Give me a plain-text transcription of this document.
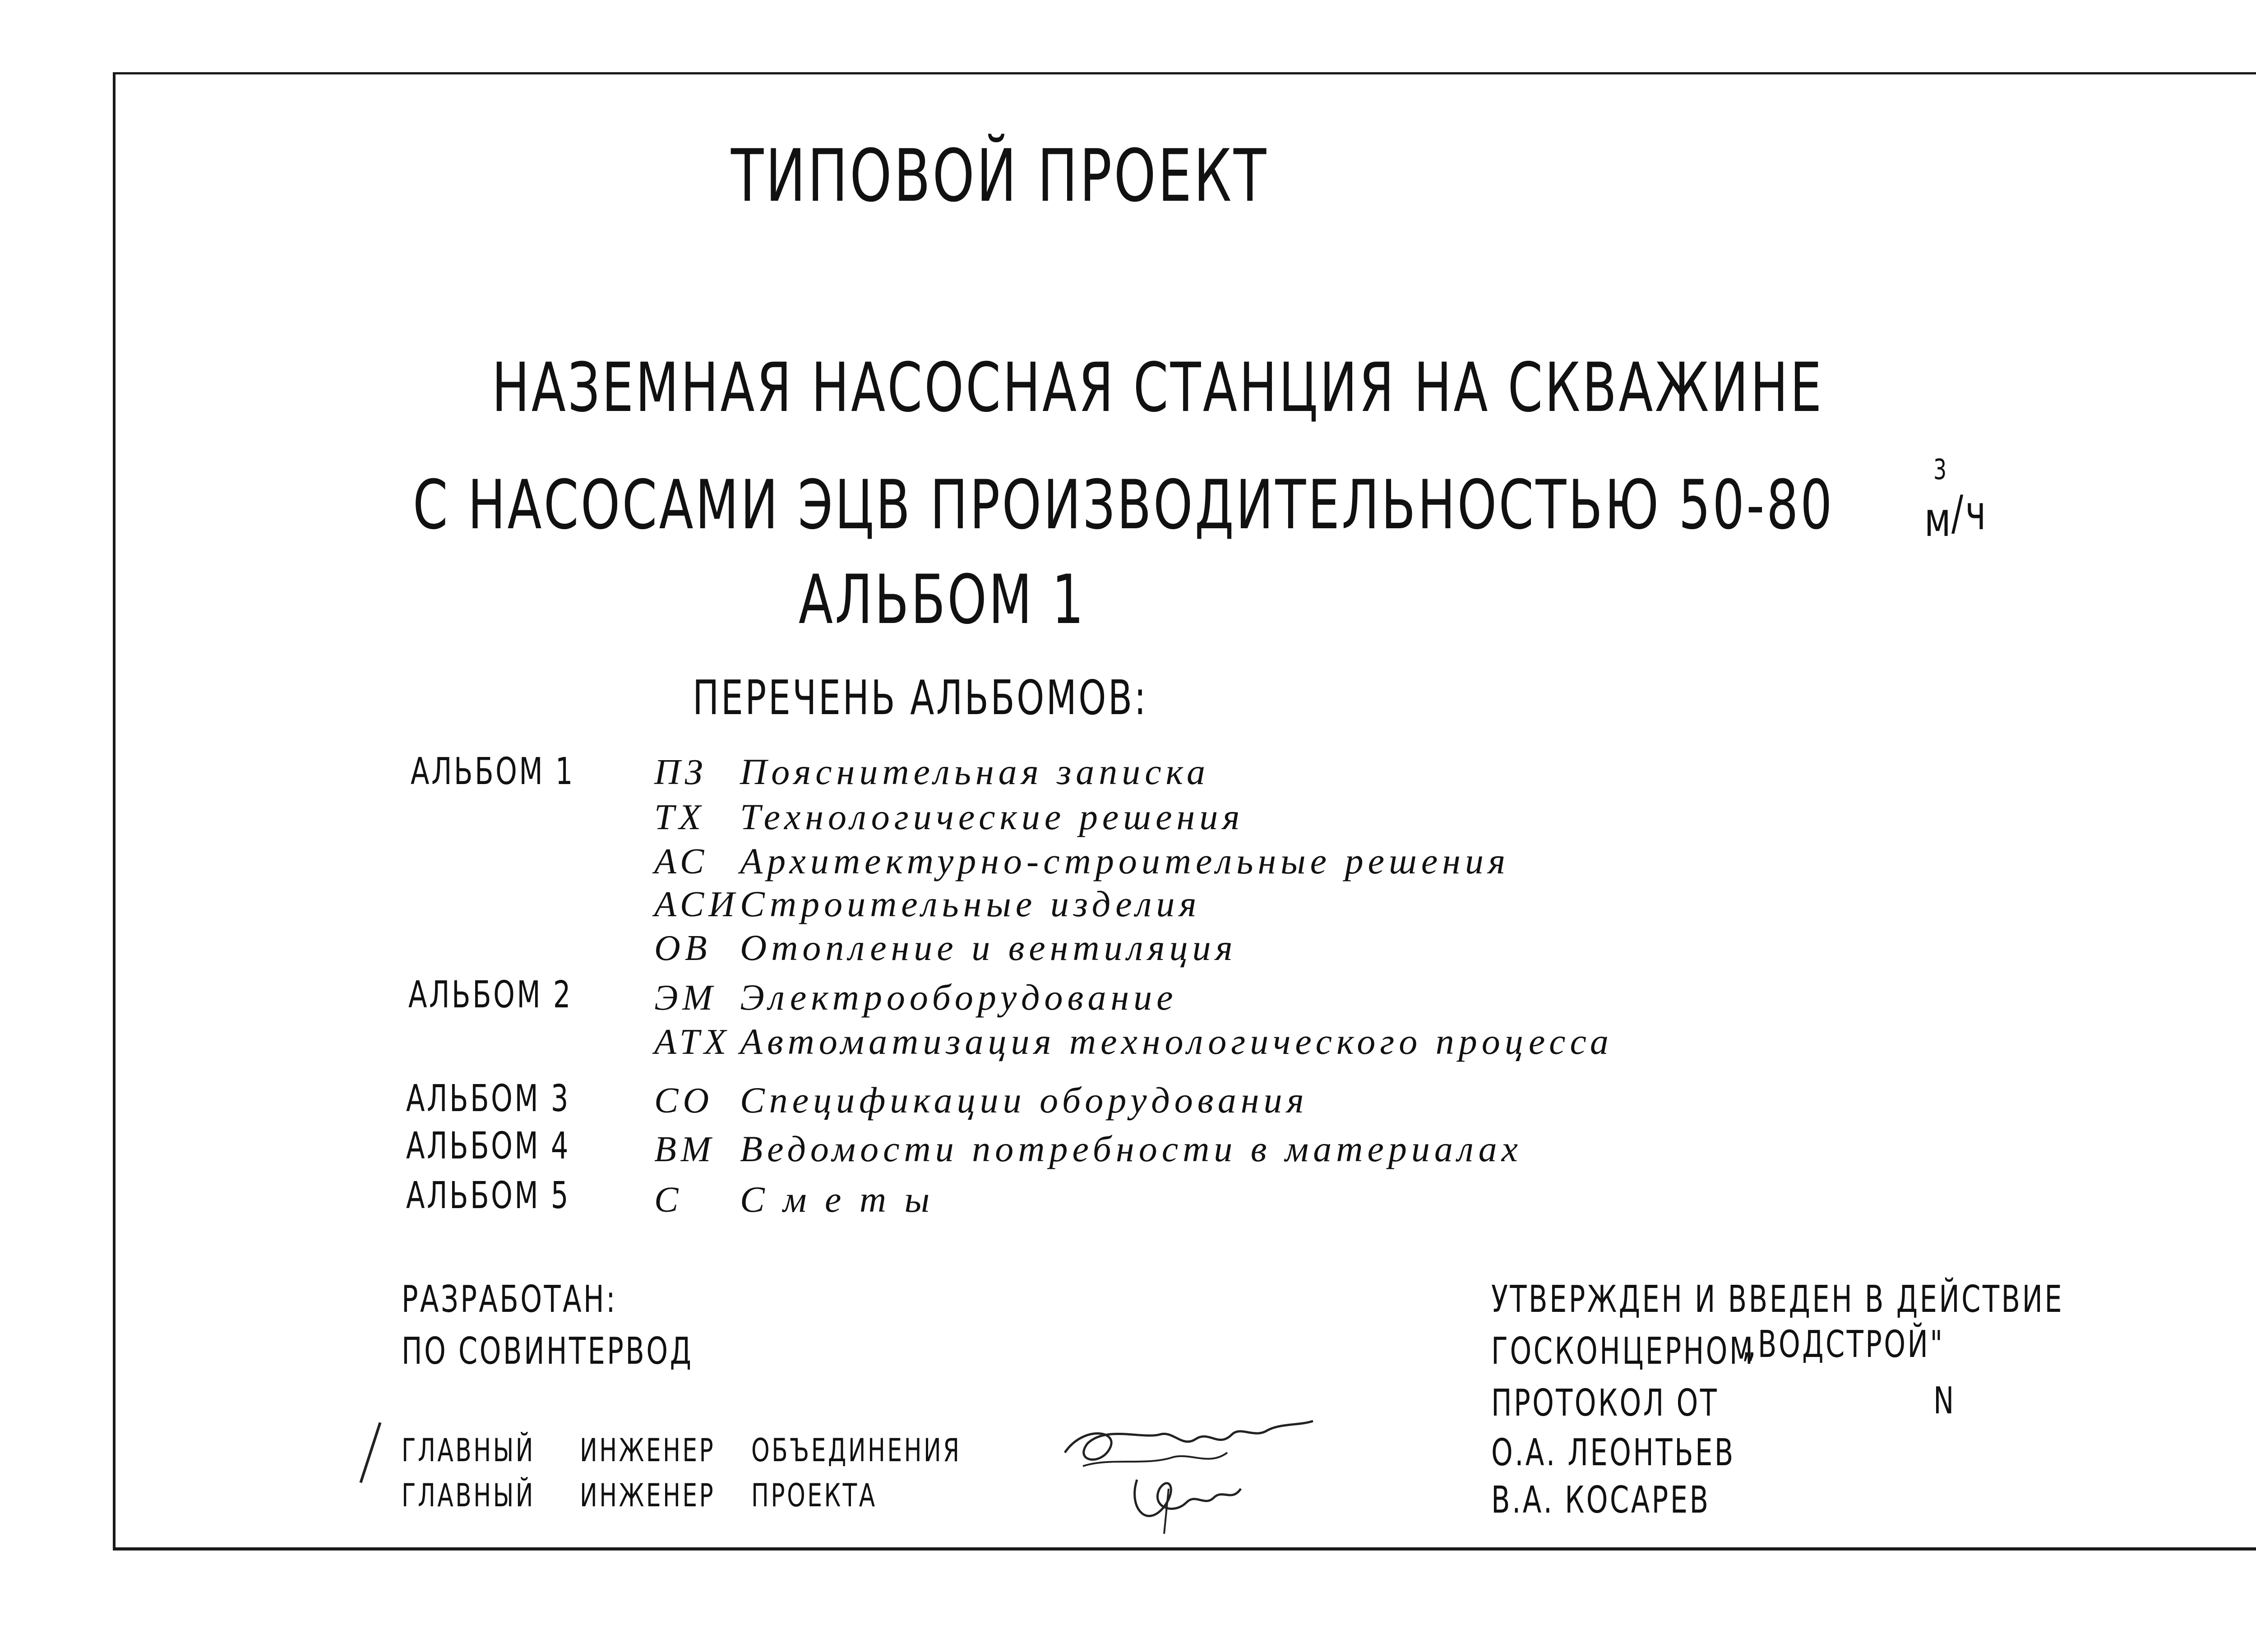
ТИПОВОЙ ПРОЕКТ
НАЗЕМНАЯ НАСОСНАЯ СТАНЦИЯ НА СКВАЖИНЕ
С НАСОСАМИ ЭЦВ ПРОИЗВОДИТЕЛЬНОСТЬЮ 50-80	3
м
/ч
АЛЬБОМ 1
ПЕРЕЧЕНЬ АЛЬБОМОВ:
АЛЬБОМ 1 ПЗ Пояснительная записка
ТХ Технологические решения
АС Архитектурно-строительные решения
АСИ Строительные изделия
ОВ Отопление и вентиляция
АЛЬБОМ 2 ЭМ Электрооборудование
АТХ Автоматизация технологического процесса
АЛЬБОМ 3 СО Спецификации оборудования
АЛЬБОМ 4 ВМ Ведомости потребности в материалах
АЛЬБОМ 5 С С м е т ы
РАЗРАБОТАН:
ПО СОВИНТЕРВОД
ГЛАВНЫЙ ИНЖЕНЕР ОБЪЕДИНЕНИЯ
ГЛАВНЫЙ ИНЖЕНЕР ПРОЕКТА
УТВЕРЖДЕН И ВВЕДЕН В ДЕЙСТВИЕ
ГОСКОНЦЕРНОМ
„ВОДСТРОЙ"
ПРОТОКОЛ ОТ	N
О.А. ЛЕОНТЬЕВ
В.А. КОСАРЕВ
